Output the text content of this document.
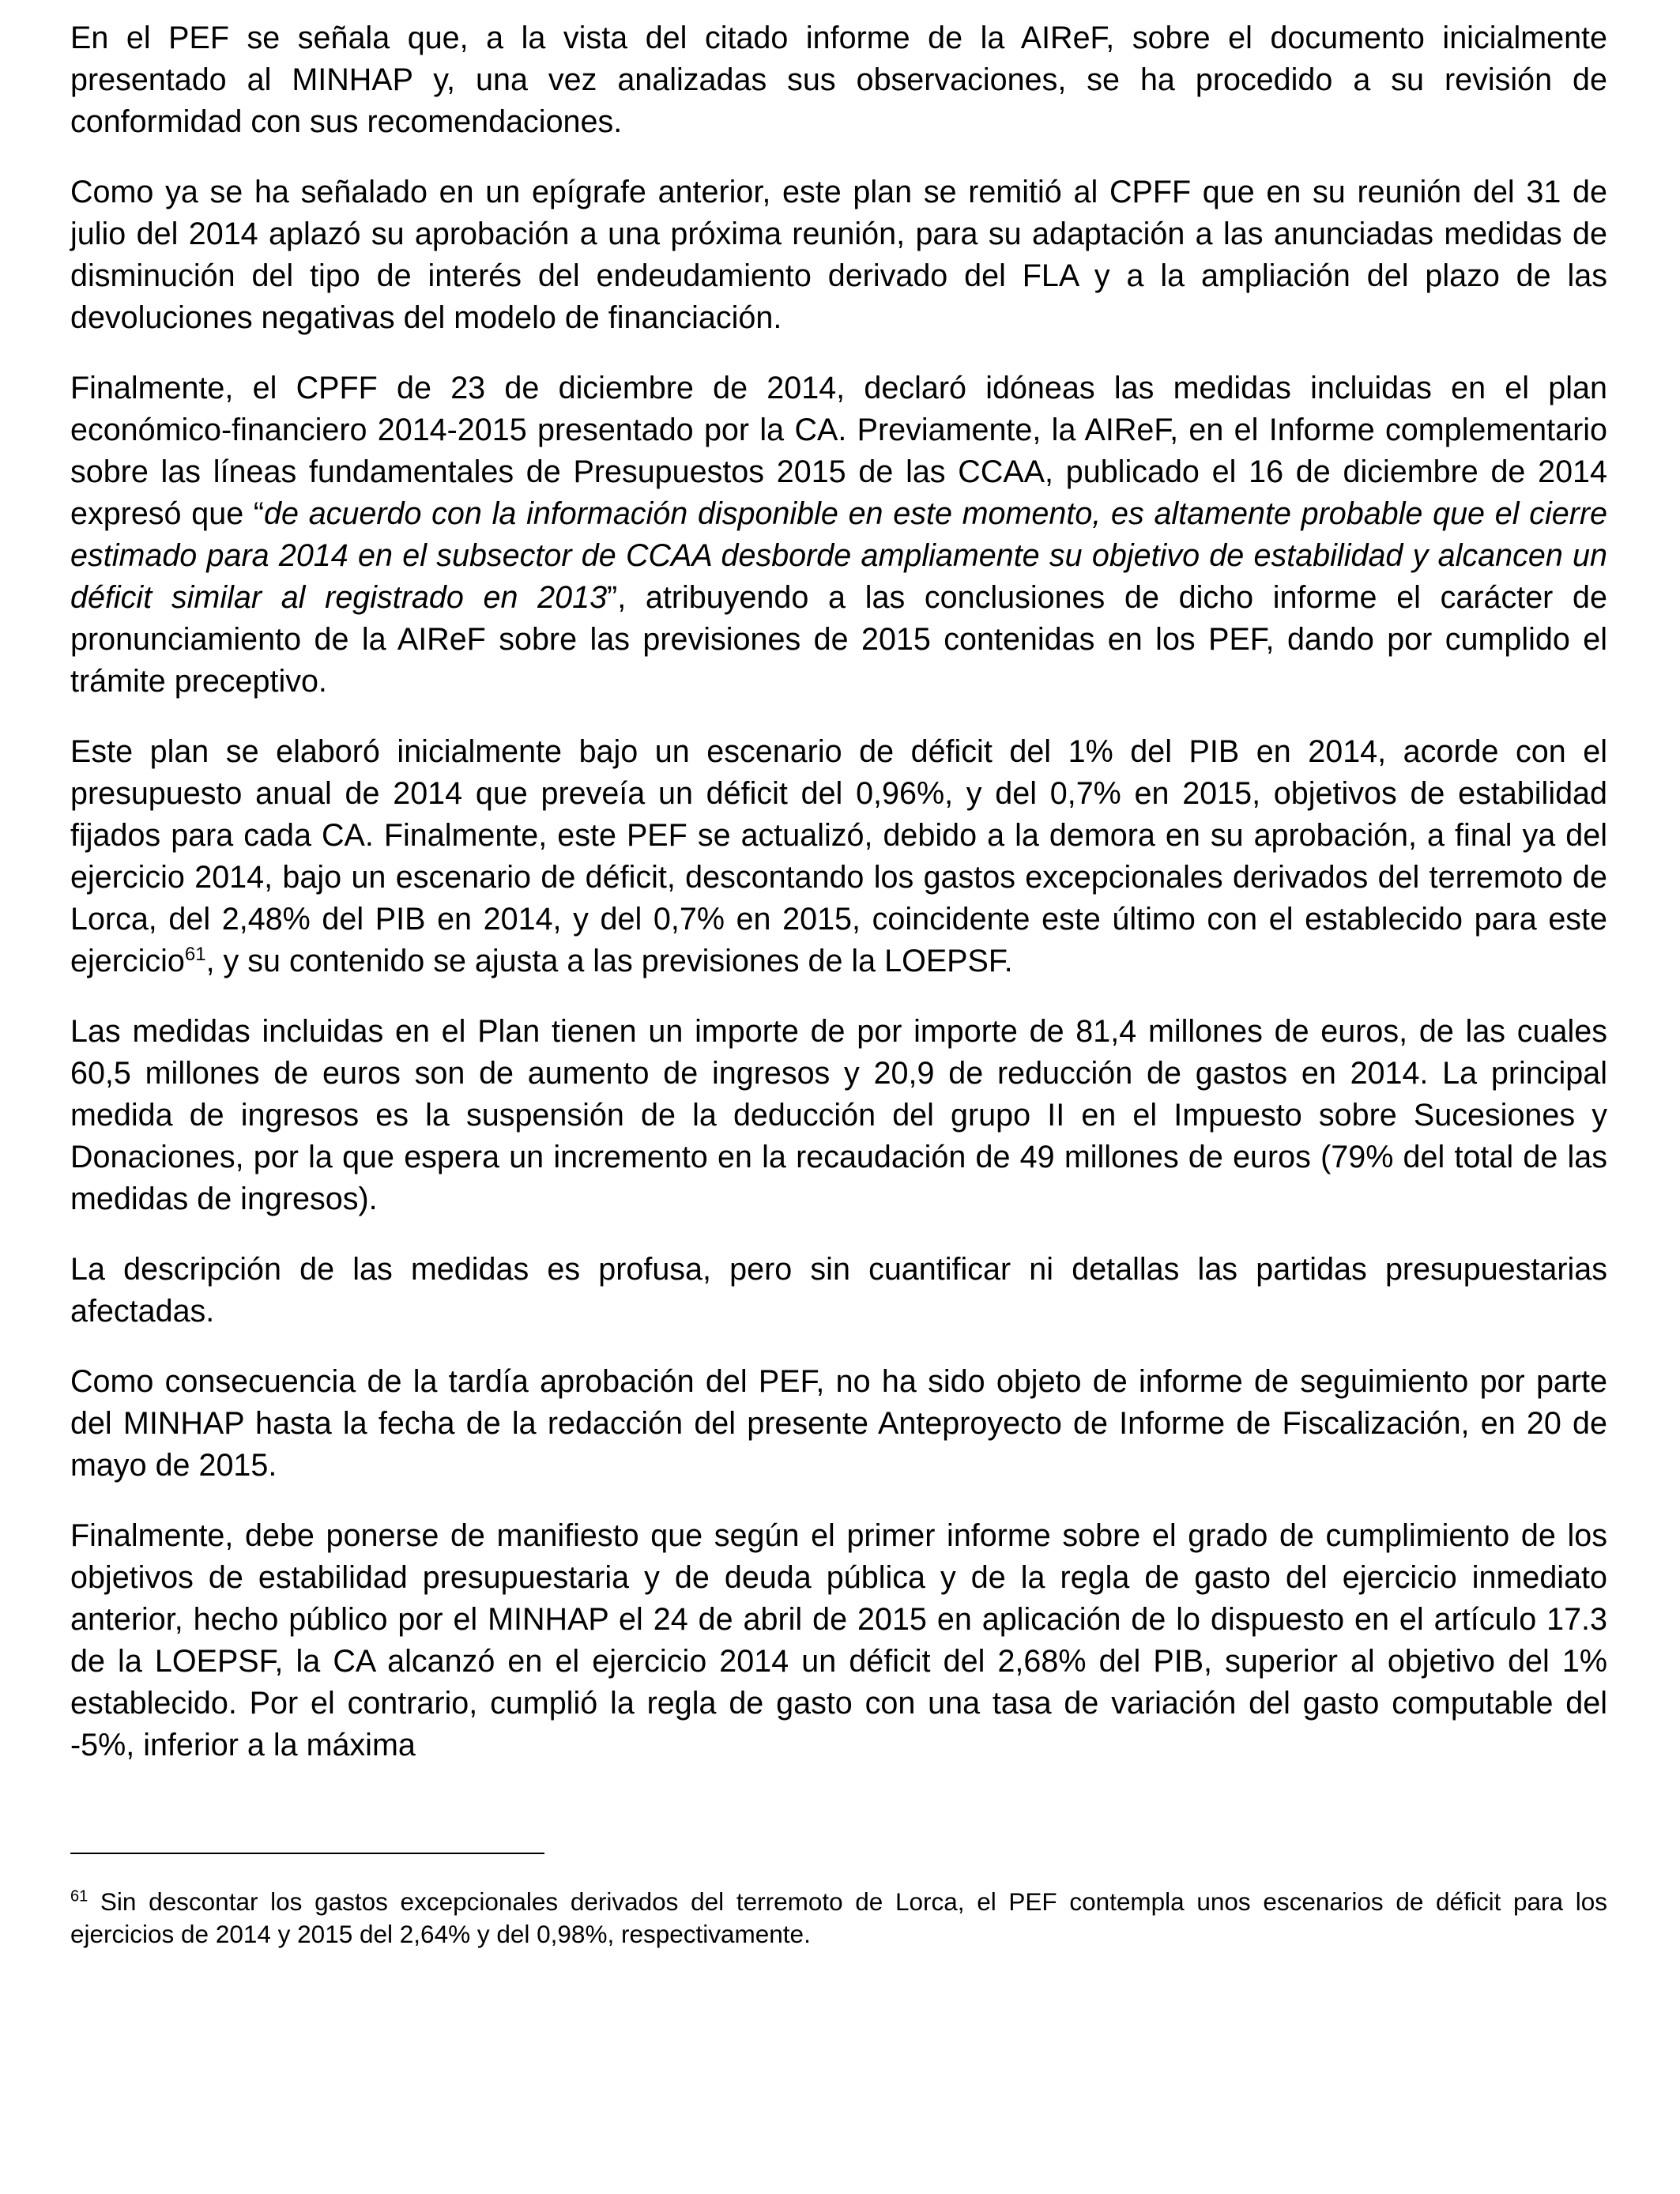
En el PEF se señala que, a la vista del citado informe de la AIReF, sobre el documento inicialmente presentado al MINHAP y, una vez analizadas sus observaciones, se ha procedido a su revisión de conformidad con sus recomendaciones.

Como ya se ha señalado en un epígrafe anterior, este plan se remitió al CPFF que en su reunión del 31 de julio del 2014 aplazó su aprobación a una próxima reunión, para su adaptación a las anunciadas medidas de disminución del tipo de interés del endeudamiento derivado del FLA y a la ampliación del plazo de las devoluciones negativas del modelo de financiación.

Finalmente, el CPFF de 23 de diciembre de 2014, declaró idóneas las medidas incluidas en el plan económico-financiero 2014-2015 presentado por la CA. Previamente, la AIReF, en el Informe complementario sobre las líneas fundamentales de Presupuestos 2015 de las CCAA, publicado el 16 de diciembre de 2014 expresó que “de acuerdo con la información disponible en este momento, es altamente probable que el cierre estimado para 2014 en el subsector de CCAA desborde ampliamente su objetivo de estabilidad y alcancen un déficit similar al registrado en 2013”, atribuyendo a las conclusiones de dicho informe el carácter de pronunciamiento de la AIReF sobre las previsiones de 2015 contenidas en los PEF, dando por cumplido el trámite preceptivo.

Este plan se elaboró inicialmente bajo un escenario de déficit del 1% del PIB en 2014, acorde con el presupuesto anual de 2014 que preveía un déficit del 0,96%, y del 0,7% en 2015, objetivos de estabilidad fijados para cada CA. Finalmente, este PEF se actualizó, debido a la demora en su aprobación, a final ya del ejercicio 2014, bajo un escenario de déficit, descontando los gastos excepcionales derivados del terremoto de Lorca, del 2,48% del PIB en 2014, y del 0,7% en 2015, coincidente este último con el establecido para este ejercicio$^{61}$, y su contenido se ajusta a las previsiones de la LOEPSF.

Las medidas incluidas en el Plan tienen un importe de por importe de 81,4 millones de euros, de las cuales 60,5 millones de euros son de aumento de ingresos y 20,9 de reducción de gastos en 2014. La principal medida de ingresos es la suspensión de la deducción del grupo II en el Impuesto sobre Sucesiones y Donaciones, por la que espera un incremento en la recaudación de 49 millones de euros (79% del total de las medidas de ingresos).

La descripción de las medidas es profusa, pero sin cuantificar ni detallas las partidas presupuestarias afectadas.

Como consecuencia de la tardía aprobación del PEF, no ha sido objeto de informe de seguimiento por parte del MINHAP hasta la fecha de la redacción del presente Anteproyecto de Informe de Fiscalización, en 20 de mayo de 2015.

Finalmente, debe ponerse de manifiesto que según el primer informe sobre el grado de cumplimiento de los objetivos de estabilidad presupuestaria y de deuda pública y de la regla de gasto del ejercicio inmediato anterior, hecho público por el MINHAP el 24 de abril de 2015 en aplicación de lo dispuesto en el artículo 17.3 de la LOEPSF, la CA alcanzó en el ejercicio 2014 un déficit del 2,68% del PIB, superior al objetivo del 1% establecido. Por el contrario, cumplió la regla de gasto con una tasa de variación del gasto computable del -5%, inferior a la máxima

$^{61}$ Sin descontar los gastos excepcionales derivados del terremoto de Lorca, el PEF contempla unos escenarios de déficit para los ejercicios de 2014 y 2015 del 2,64% y del 0,98%, respectivamente.
